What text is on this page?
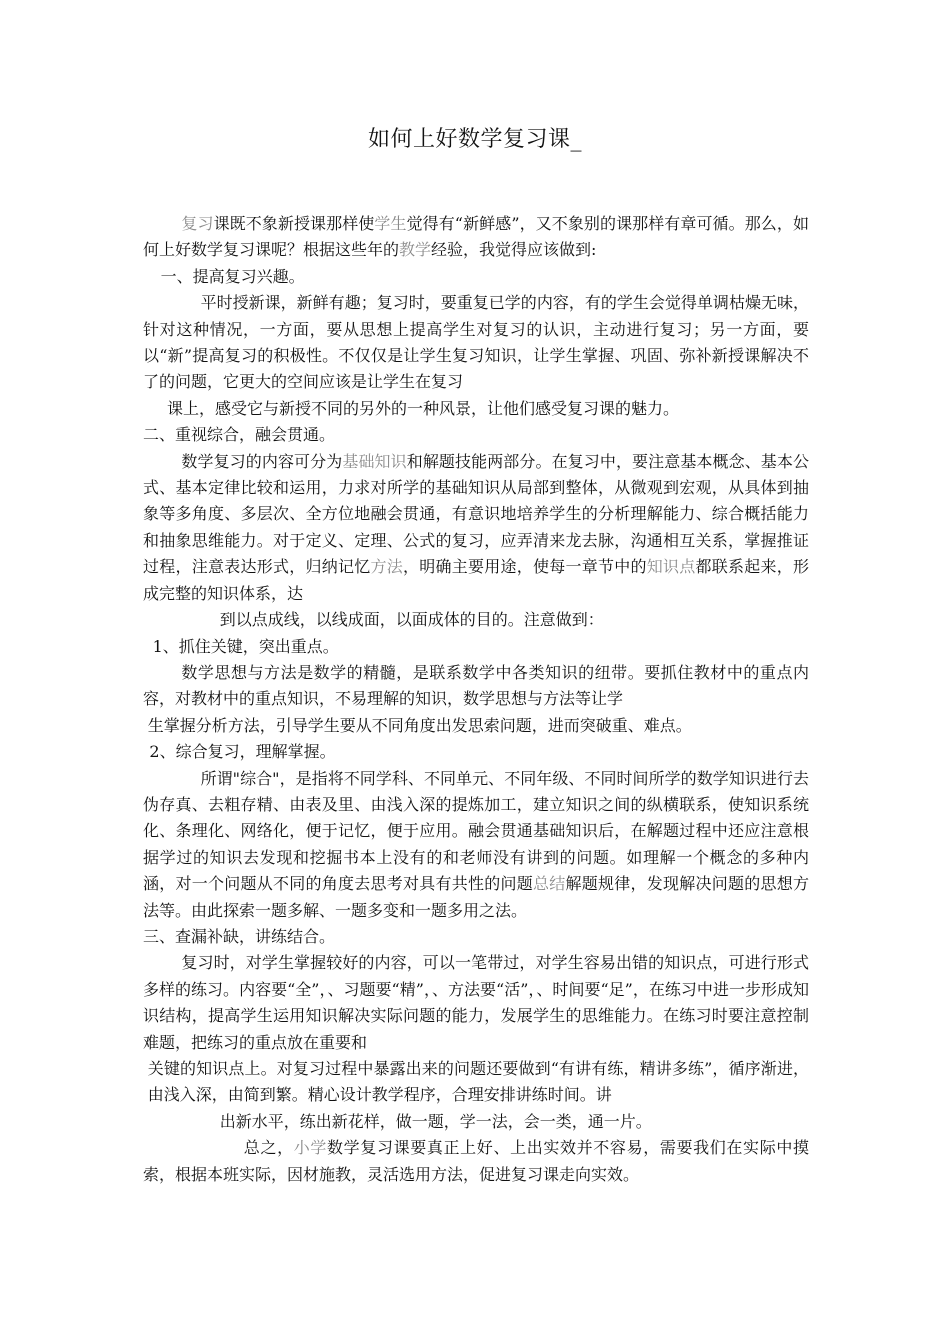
如何上好数学复习课_

复习课既不象新授课那样使学生觉得有“新鲜感”，又不象别的课那样有章可循。那么，如何上好数学复习课呢？根据这些年的教学经验，我觉得应该做到:

一、提高复习兴趣。

平时授新课，新鲜有趣；复习时，要重复已学的内容，有的学生会觉得单调枯燥无味，针对这种情况，一方面，要从思想上提高学生对复习的认识，主动进行复习；另一方面，要以“新”提高复习的积极性。不仅仅是让学生复习知识，让学生掌握、巩固、弥补新授课解决不了的问题，它更大的空间应该是让学生在复习

课上，感受它与新授不同的另外的一种风景，让他们感受复习课的魅力。

二、重视综合，融会贯通。

数学复习的内容可分为基础知识和解题技能两部分。在复习中，要注意基本概念、基本公式、基本定律比较和运用，力求对所学的基础知识从局部到整体，从微观到宏观，从具体到抽象等多角度、多层次、全方位地融会贯通，有意识地培养学生的分析理解能力、综合概括能力和抽象思维能力。对于定义、定理、公式的复习，应弄清来龙去脉，沟通相互关系，掌握推证过程，注意表达形式，归纳记忆方法，明确主要用途，使每一章节中的知识点都联系起来，形成完整的知识体系，达

到以点成线，以线成面，以面成体的目的。注意做到：

1、抓住关键，突出重点。

数学思想与方法是数学的精髓，是联系数学中各类知识的纽带。要抓住教材中的重点内容，对教材中的重点知识，不易理解的知识，数学思想与方法等让学

生掌握分析方法，引导学生要从不同角度出发思索问题，进而突破重、难点。

2、综合复习，理解掌握。

所谓"综合"，是指将不同学科、不同单元、不同年级、不同时间所学的数学知识进行去伪存真、去粗存精、由表及里、由浅入深的提炼加工，建立知识之间的纵横联系，使知识系统化、条理化、网络化，便于记忆，便于应用。融会贯通基础知识后，在解题过程中还应注意根据学过的知识去发现和挖掘书本上没有的和老师没有讲到的问题。如理解一个概念的多种内涵，对一个问题从不同的角度去思考对具有共性的问题总结解题规律，发现解决问题的思想方法等。由此探索一题多解、一题多变和一题多用之法。

三、查漏补缺，讲练结合。

复习时，对学生掌握较好的内容，可以一笔带过，对学生容易出错的知识点，可进行形式多样的练习。内容要“全”，、习题要“精”，、方法要“活”，、时间要“足”，在练习中进一步形成知识结构，提高学生运用知识解决实际问题的能力，发展学生的思维能力。在练习时要注意控制难题，把练习的重点放在重要和

关键的知识点上。对复习过程中暴露出来的问题还要做到“有讲有练，精讲多练”，循序渐进，由浅入深，由简到繁。精心设计教学程序，合理安排讲练时间。讲

出新水平，练出新花样，做一题，学一法，会一类，通一片。

总之，小学数学复习课要真正上好、上出实效并不容易，需要我们在实际中摸索，根据本班实际，因材施教，灵活选用方法，促进复习课走向实效。
